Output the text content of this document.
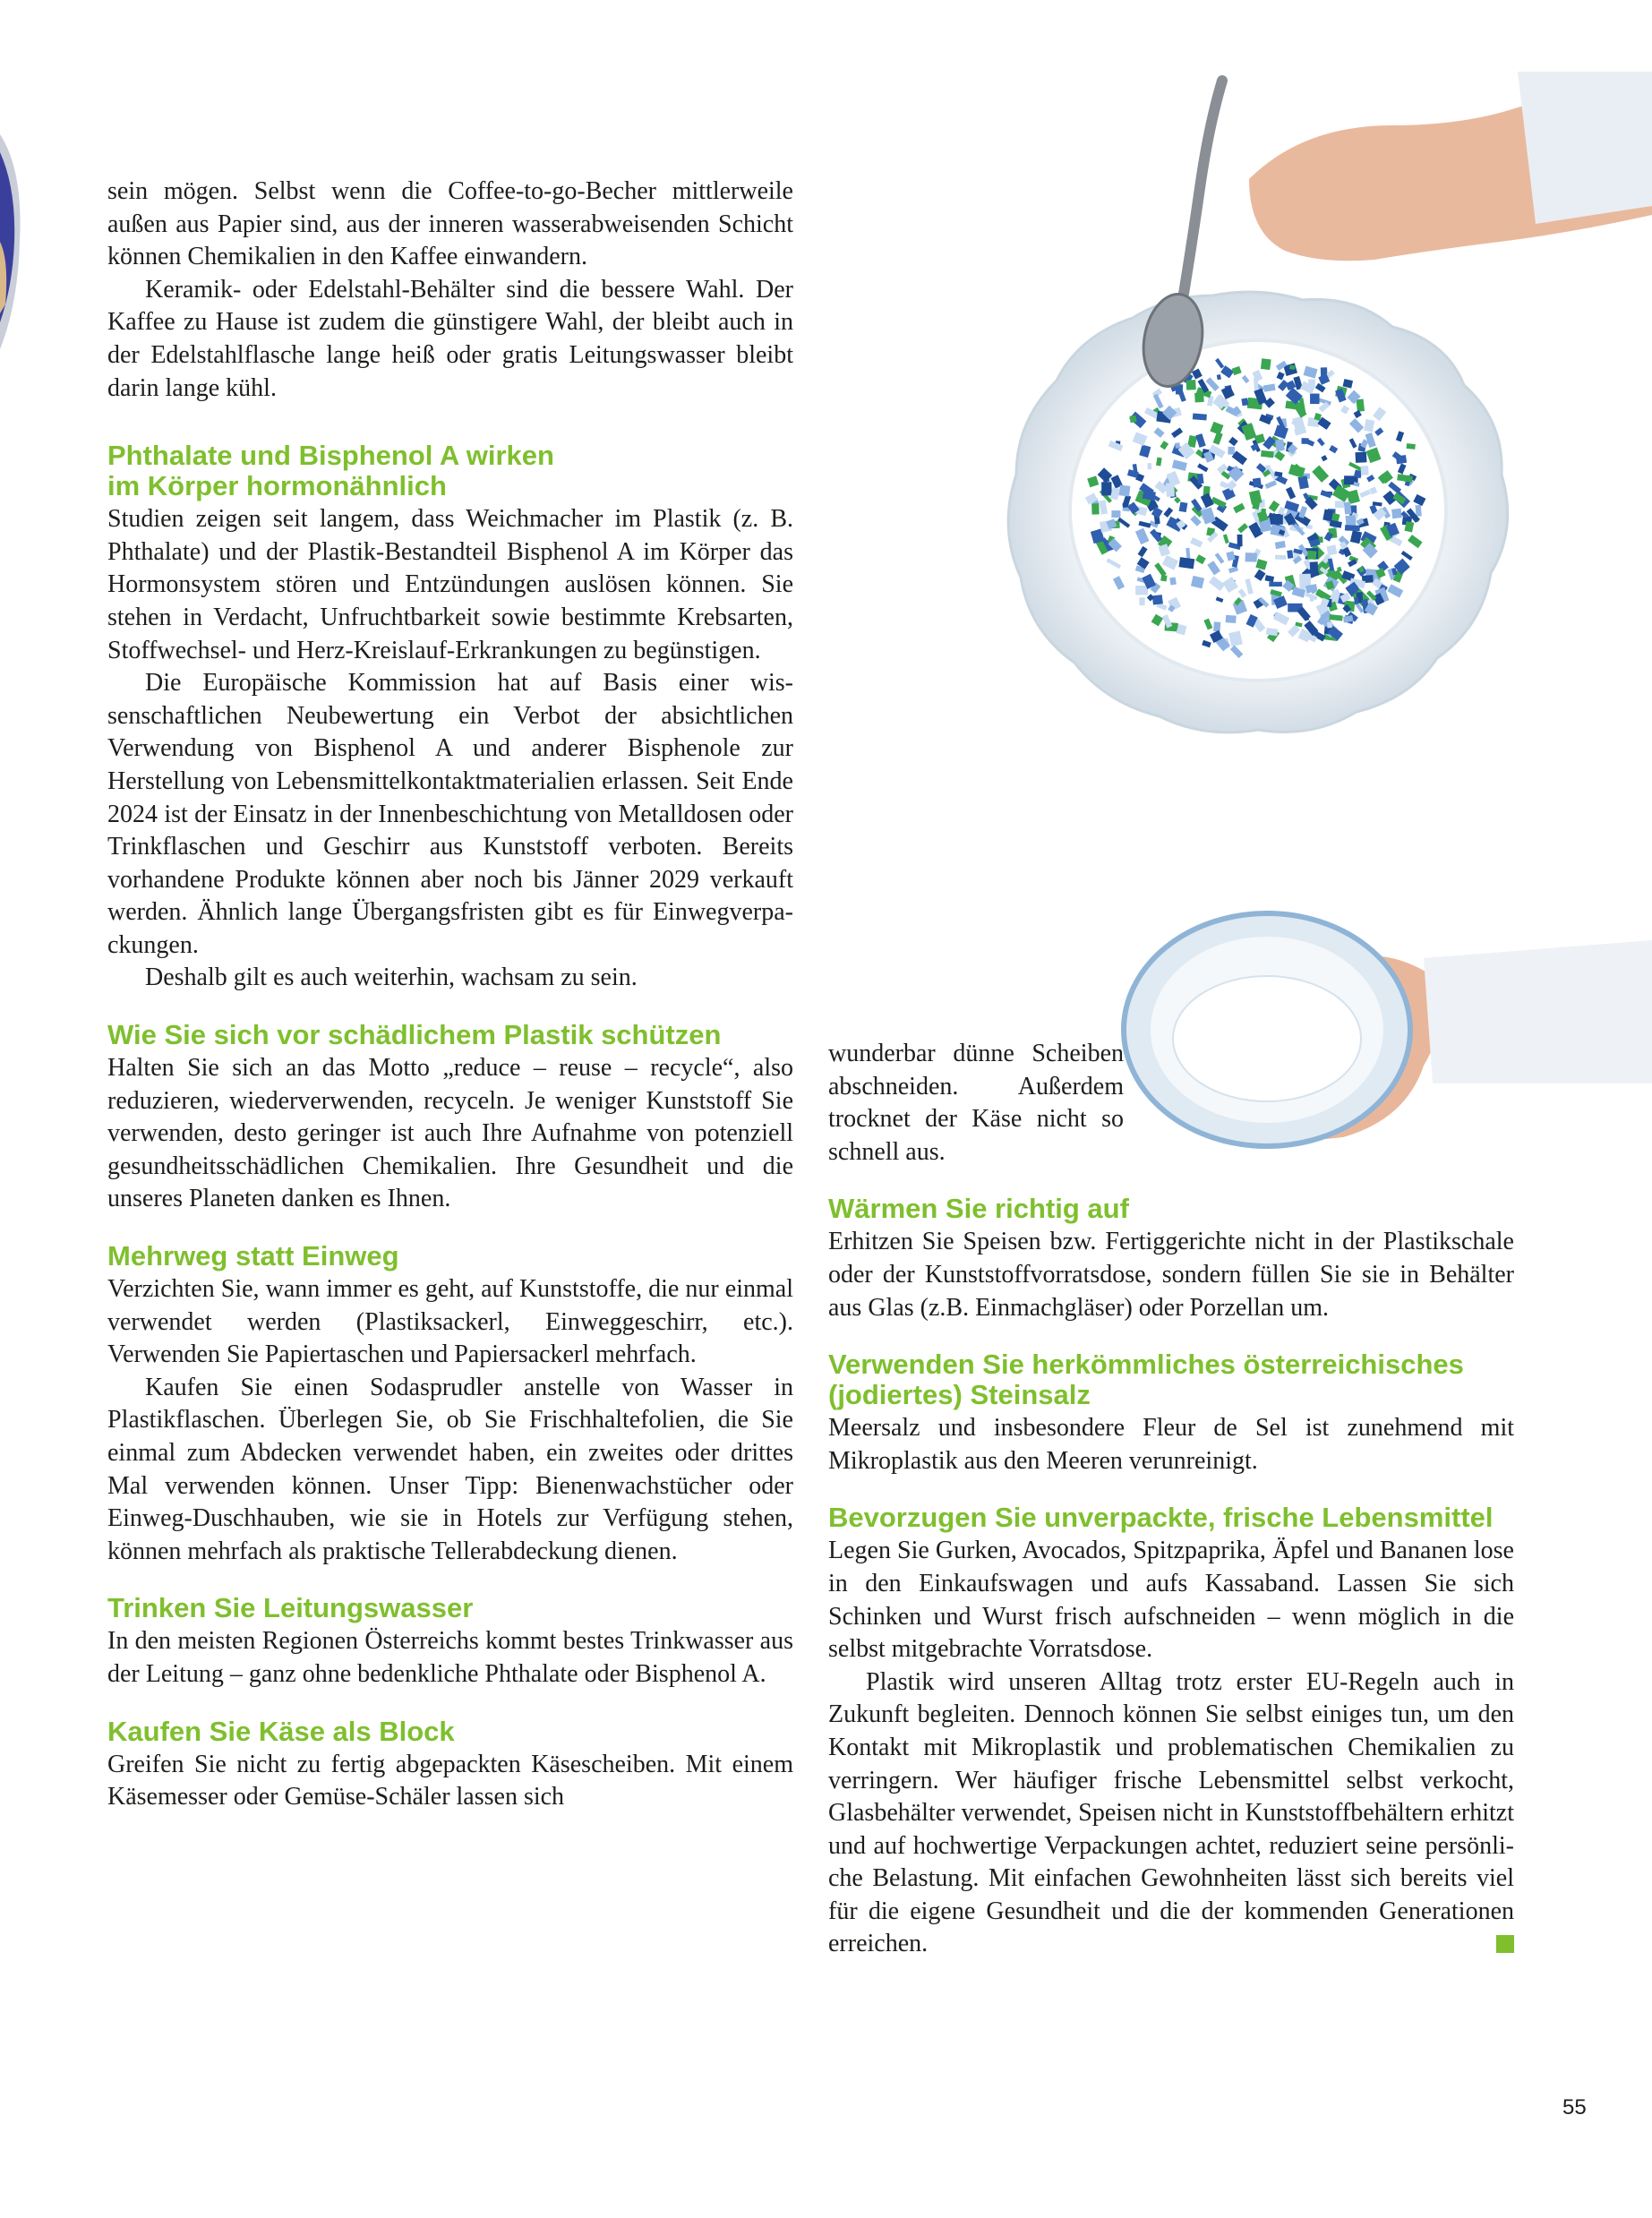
sein mögen. Selbst wenn die Coffee-to-go-Becher mittlerweile außen aus Papier sind, aus der inneren wasserabweisenden Schicht können Chemikalien in den Kaffee einwandern.

Keramik- oder Edelstahl-Behälter sind die bessere Wahl. Der Kaffee zu Hause ist zudem die günstigere Wahl, der bleibt auch in der Edelstahlflasche lange heiß oder gratis Leitungswasser bleibt darin lange kühl.

Phthalate und Bisphenol A wirken
im Körper hormonähnlich

Studien zeigen seit langem, dass Weichmacher im Plastik (z. B. Phthalate) und der Plastik-Bestandteil Bisphenol A im Körper das Hormonsystem stören und Entzündungen auslösen können. Sie stehen in Verdacht, Unfruchtbarkeit sowie bestimmte Krebsarten, Stoffwechsel- und Herz-Kreislauf-Erkrankungen zu begünstigen.

Die Europäische Kommission hat auf Basis einer wissenschaftlichen Neubewertung ein Verbot der absichtlichen Verwendung von Bisphenol A und anderer Bisphenole zur Herstellung von Lebensmittelkontaktmaterialien erlassen. Seit Ende 2024 ist der Einsatz in der Innenbeschichtung von Metalldosen oder Trinkflaschen und Geschirr aus Kunststoff verboten. Bereits vorhandene Produkte können aber noch bis Jänner 2029 verkauft werden. Ähnlich lange Übergangsfristen gibt es für Einwegverpackungen.

Deshalb gilt es auch weiterhin, wachsam zu sein.

Wie Sie sich vor schädlichem Plastik schützen

Halten Sie sich an das Motto „reduce – reuse – recycle“, also reduzieren, wiederverwenden, recyceln. Je weniger Kunststoff Sie verwenden, desto geringer ist auch Ihre Aufnahme von potenziell gesundheitsschädlichen Chemikalien. Ihre Gesundheit und die unseres Planeten danken es Ihnen.

Mehrweg statt Einweg

Verzichten Sie, wann immer es geht, auf Kunststoffe, die nur einmal verwendet werden (Plastiksackerl, Einweggeschirr, etc.). Verwenden Sie Papiertaschen und Papiersackerl mehrfach.

Kaufen Sie einen Sodasprudler anstelle von Wasser in Plastikflaschen. Überlegen Sie, ob Sie Frischhaltefolien, die Sie einmal zum Abdecken verwendet haben, ein zweites oder drittes Mal verwenden können. Unser Tipp: Bienenwachstücher oder Einweg-Duschhauben, wie sie in Hotels zur Verfügung stehen, können mehrfach als praktische Tellerabdeckung dienen.

Trinken Sie Leitungswasser

In den meisten Regionen Österreichs kommt bestes Trinkwasser aus der Leitung – ganz ohne bedenkliche Phthalate oder Bisphenol A.

Kaufen Sie Käse als Block

Greifen Sie nicht zu fertig abgepackten Käsescheiben. Mit einem Käsemesser oder Gemüse-Schäler lassen sich

wunderbar dünne Scheiben abschneiden. Außerdem trocknet der Käse nicht so schnell aus.

Wärmen Sie richtig auf

Erhitzen Sie Speisen bzw. Fertiggerichte nicht in der Plastikschale oder der Kunststoffvorratsdose, sondern füllen Sie sie in Behälter aus Glas (z.B. Einmachgläser) oder Porzellan um.

Verwenden Sie herkömmliches österreichisches
(jodiertes) Steinsalz

Meersalz und insbesondere Fleur de Sel ist zunehmend mit Mikroplastik aus den Meeren verunreinigt.

Bevorzugen Sie unverpackte, frische Lebensmittel

Legen Sie Gurken, Avocados, Spitzpaprika, Äpfel und Bananen lose in den Einkaufswagen und aufs Kassaband. Lassen Sie sich Schinken und Wurst frisch aufschneiden – wenn möglich in die selbst mitgebrachte Vorratsdose.

Plastik wird unseren Alltag trotz erster EU-Regeln auch in Zukunft begleiten. Dennoch können Sie selbst einiges tun, um den Kontakt mit Mikroplastik und problematischen Chemikalien zu verringern. Wer häufiger frische Lebensmittel selbst verkocht, Glasbehälter verwendet, Speisen nicht in Kunststoffbehältern erhitzt und auf hochwertige Verpackungen achtet, reduziert seine persönliche Belastung. Mit einfachen Gewohnheiten lässt sich bereits viel für die eigene Gesundheit und die der kommenden Generationen erreichen.

55
